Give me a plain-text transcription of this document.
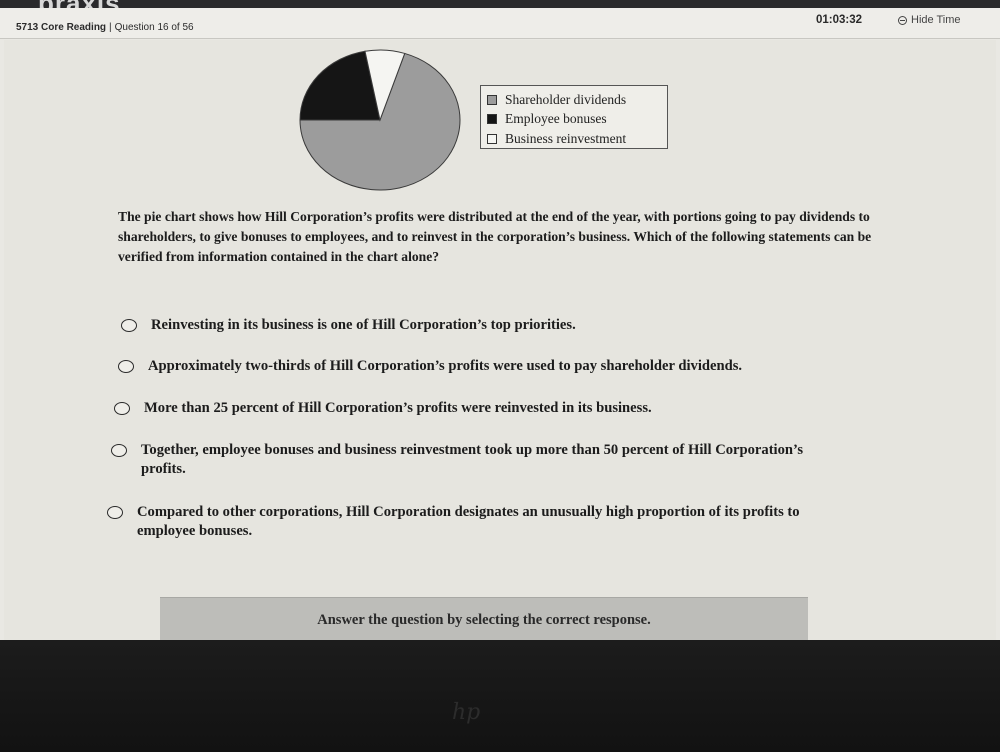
5713 Core Reading | Question 16 of 56
01:03:32	Hide Time
Shareholder dividends
Employee bonuses
Business reinvestment
The pie chart shows how Hill Corporation’s profits were distributed at the end of the year, with portions going to pay dividends to shareholders, to give bonuses to employees, and to reinvest in the corporation’s business. Which of the following statements can be verified from information contained in the chart alone?
Reinvesting in its business is one of Hill Corporation’s top priorities.
Approximately two-thirds of Hill Corporation’s profits were used to pay shareholder dividends.
More than 25 percent of Hill Corporation’s profits were reinvested in its business.
Together, employee bonuses and business reinvestment took up more than 50 percent of Hill Corporation’s profits.
Compared to other corporations, Hill Corporation designates an unusually high proportion of its profits to employee bonuses.
Answer the question by selecting the correct response.
hp
